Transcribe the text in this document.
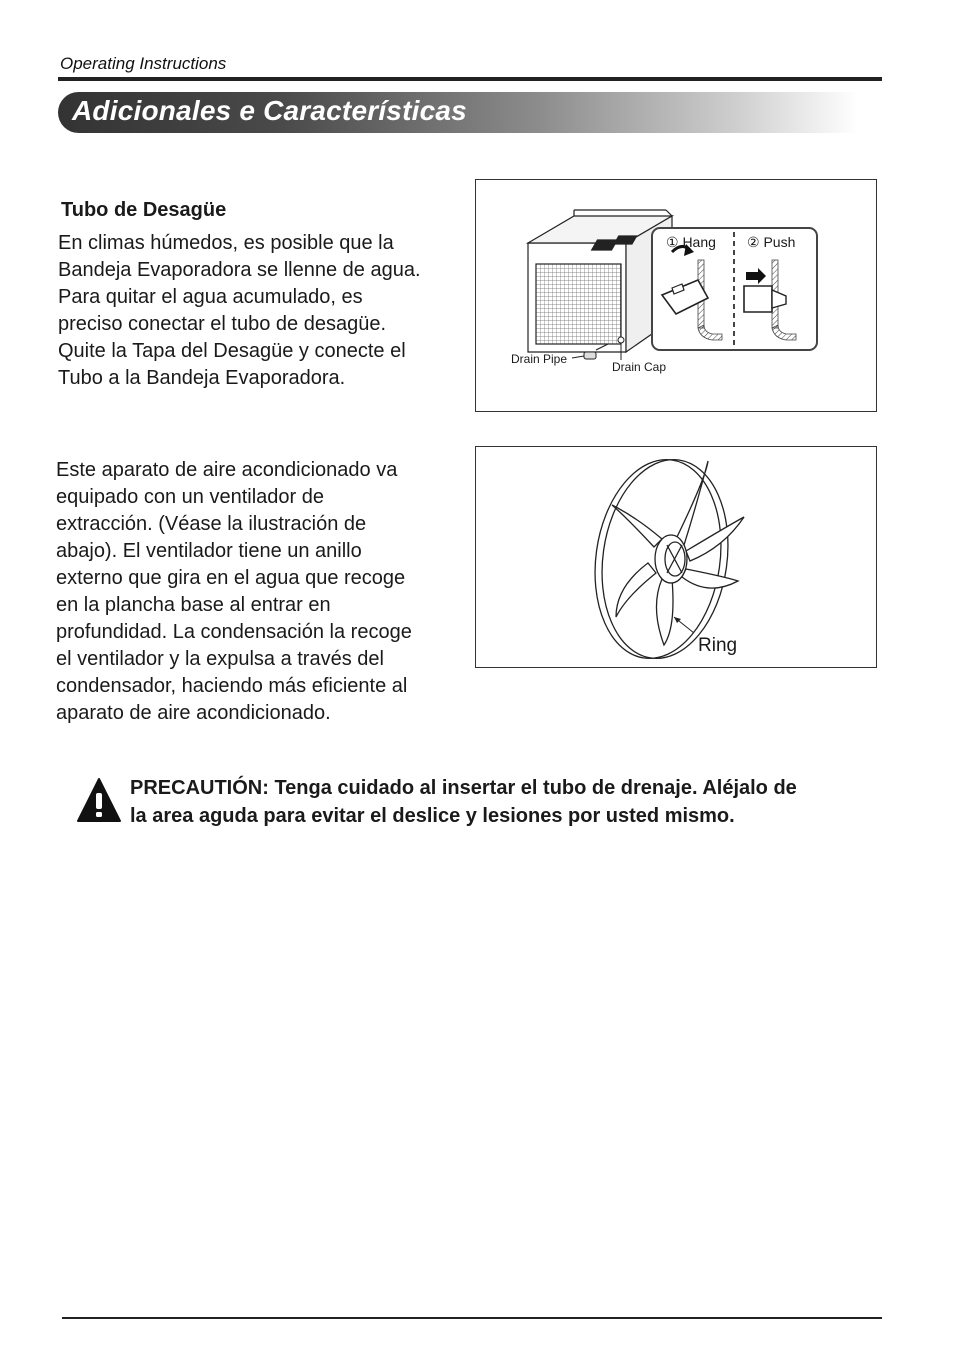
Operating Instructions
Adicionales e Características
Tubo de Desagüe
En climas húmedos, es posible que la
Bandeja Evaporadora se llenne de agua.
Para quitar el agua acumulado, es
preciso conectar el tubo de desagüe.
Quite la Tapa del Desagüe y conecte el
Tubo a la Bandeja Evaporadora.
① Hang ② Push
Drain Pipe
Drain Cap
Este aparato de aire acondicionado va
equipado con un ventilador de
extracción. (Véase la ilustración de
abajo). El ventilador tiene un anillo
externo que gira en el agua que recoge
en la plancha base al entrar en
profundidad. La condensación la recoge
el ventilador y la expulsa a través del
condensador, haciendo más eficiente al
aparato de aire acondicionado.
Ring
PRECAUTIÓN: Tenga cuidado al insertar el tubo de drenaje. Aléjalo de
la area aguda para evitar el deslice y lesiones por usted mismo.
